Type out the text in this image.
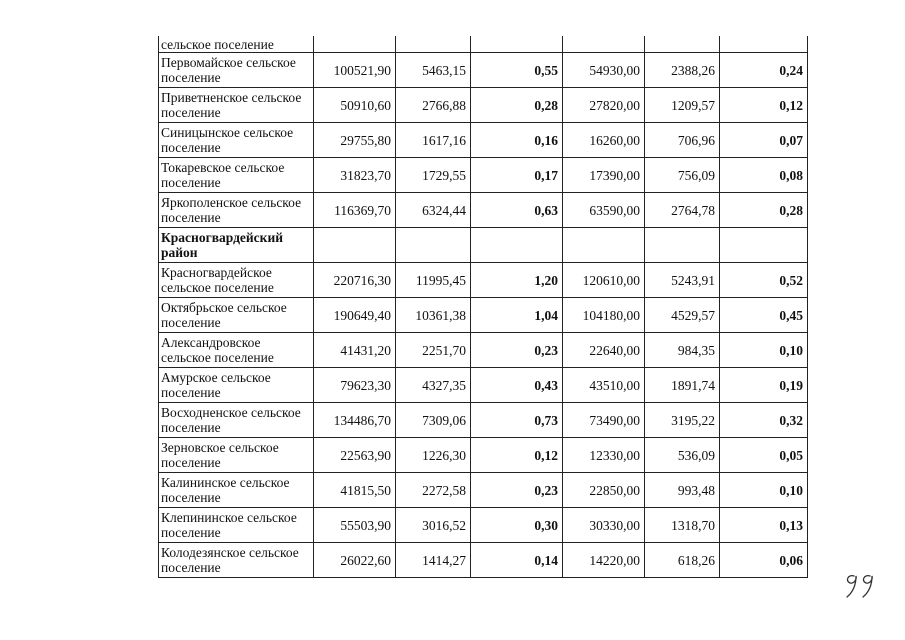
сельское поселение						
Первомайское сельское поселение	100521,90	5463,15	0,55	54930,00	2388,26	0,24
Приветненское сельское поселение	50910,60	2766,88	0,28	27820,00	1209,57	0,12
Синицынское сельское поселение	29755,80	1617,16	0,16	16260,00	706,96	0,07
Токаревское сельское поселение	31823,70	1729,55	0,17	17390,00	756,09	0,08
Яркополенское сельское поселение	116369,70	6324,44	0,63	63590,00	2764,78	0,28
Красногвардейский район						
Красногвардейское сельское поселение	220716,30	11995,45	1,20	120610,00	5243,91	0,52
Октябрьское сельское поселение	190649,40	10361,38	1,04	104180,00	4529,57	0,45
Александровское сельское поселение	41431,20	2251,70	0,23	22640,00	984,35	0,10
Амурское сельское поселение	79623,30	4327,35	0,43	43510,00	1891,74	0,19
Восходненское сельское поселение	134486,70	7309,06	0,73	73490,00	3195,22	0,32
Зерновское сельское поселение	22563,90	1226,30	0,12	12330,00	536,09	0,05
Калининское сельское поселение	41815,50	2272,58	0,23	22850,00	993,48	0,10
Клепининское сельское поселение	55503,90	3016,52	0,30	30330,00	1318,70	0,13
Колодезянское сельское поселение	26022,60	1414,27	0,14	14220,00	618,26	0,06
